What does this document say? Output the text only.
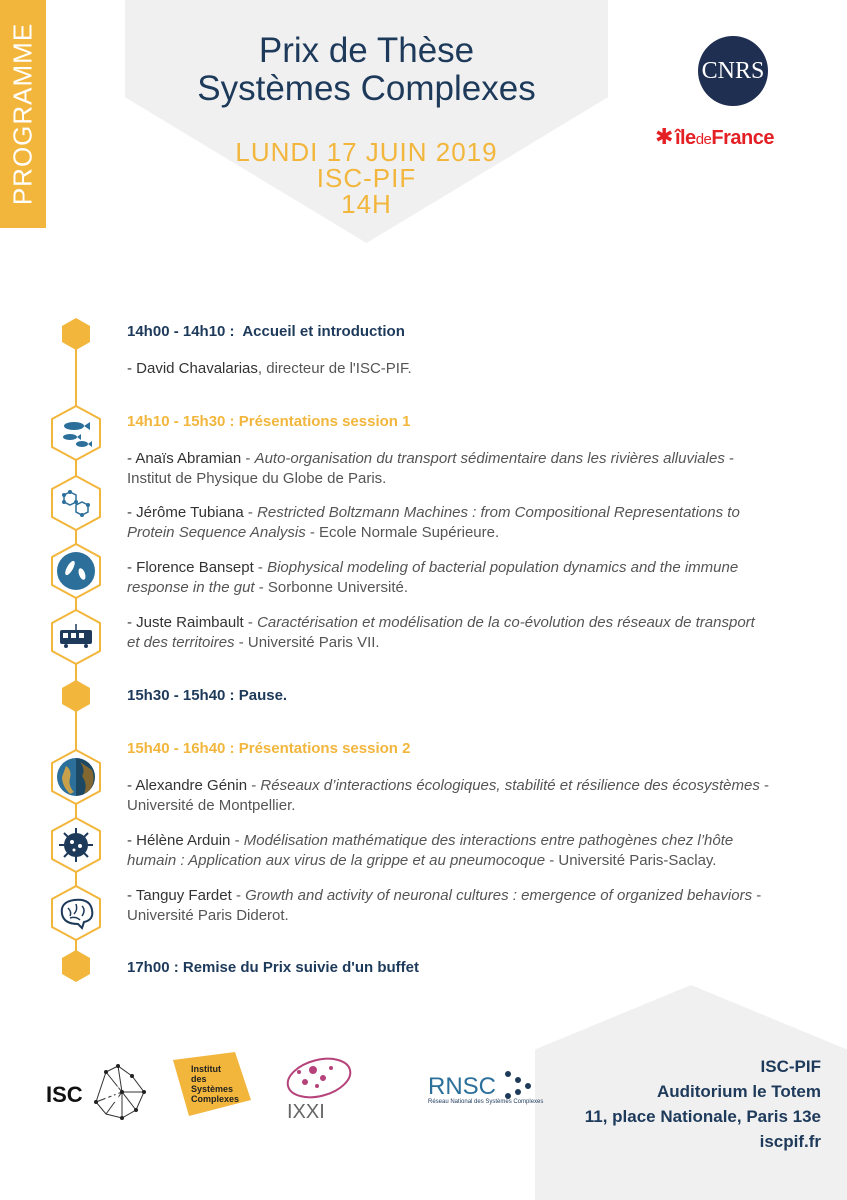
PROGRAMME	Prix de Thèse
Systèmes Complexes
LUNDI 17 JUIN 2019
ISC-PIF
14H
CNRS
✱ îledeFrance
14h00 - 14h10 : Accueil et introduction
- David Chavalarias, directeur de l'ISC-PIF.
14h10 - 15h30 : Présentations session 1
- Anaïs Abramian - Auto-organisation du transport sédimentaire dans les rivières alluviales -
Institut de Physique du Globe de Paris.
- Jérôme Tubiana - Restricted Boltzmann Machines : from Compositional Representations to
Protein Sequence Analysis - Ecole Normale Supérieure.
- Florence Bansept - Biophysical modeling of bacterial population dynamics and the immune
response in the gut - Sorbonne Université.
- Juste Raimbault - Caractérisation et modélisation de la co-évolution des réseaux de transport
et des territoires - Université Paris VII.
15h30 - 15h40 : Pause.
15h40 - 16h40 : Présentations session 2
- Alexandre Génin - Réseaux d’interactions écologiques, stabilité et résilience des écosystèmes -
Université de Montpellier.
- Hélène Arduin - Modélisation mathématique des interactions entre pathogènes chez l’hôte
humain : Application aux virus de la grippe et au pneumocoque - Université Paris-Saclay.
- Tanguy Fardet - Growth and activity of neuronal cultures : emergence of organized behaviors -
Université Paris Diderot.
17h00 : Remise du Prix suivie d'un buffet
ISC N
Institut des Systèmes Complexes
IXXI
RNSC
Réseau National des Systèmes Complexes
ISC-PIF
Auditorium le Totem
11, place Nationale, Paris 13e
iscpif.fr
